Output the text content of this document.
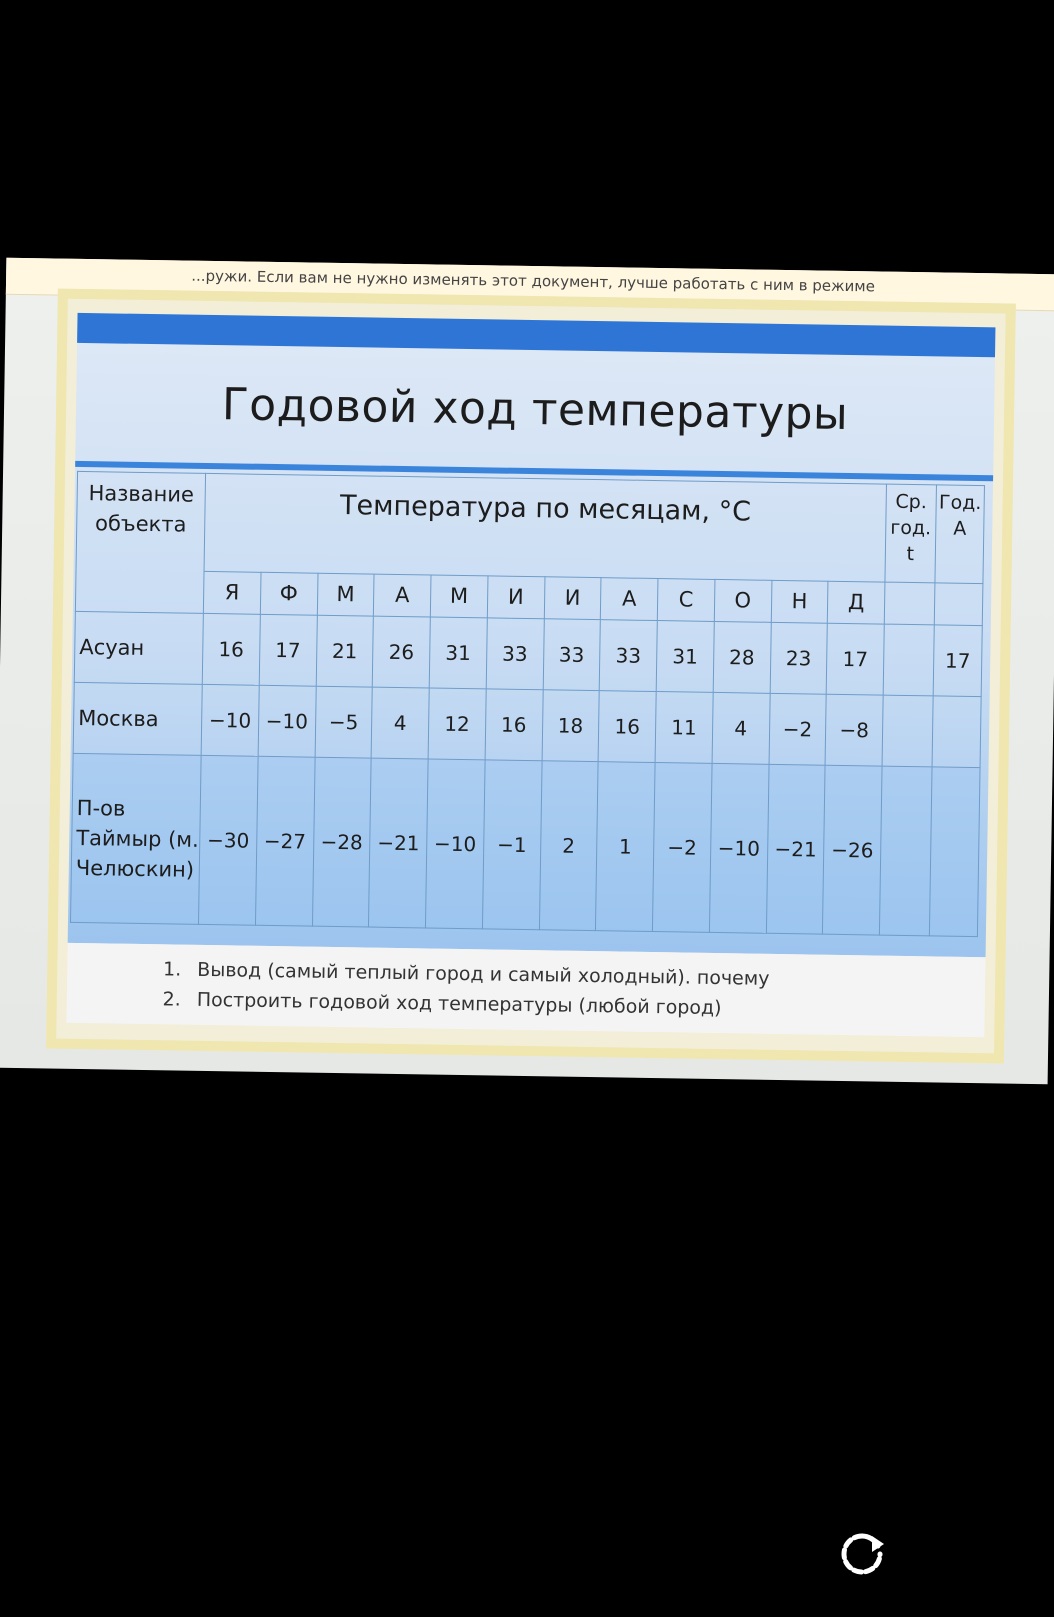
...ружи. Если вам не нужно изменять этот документ, лучше работать с ним в режиме
Годовой ход температуры
Название объекта	Температура по месяцам, °С												Ср. год. t	Год. А
	Я	Ф	М	А	М	И	И	А	С	О	Н	Д		
Асуан	16	17	21	26	31	33	33	33	31	28	23	17		17
Москва	−10	−10	−5	4	12	16	18	16	11	4	−2	−8		
П-ов Таймыр (м. Челюскин)	−30	−27	−28	−21	−10	−1	2	1	−2	−10	−21	−26		
1. Вывод (самый теплый город и самый холодный). почему
2. Построить годовой ход температуры (любой город)
